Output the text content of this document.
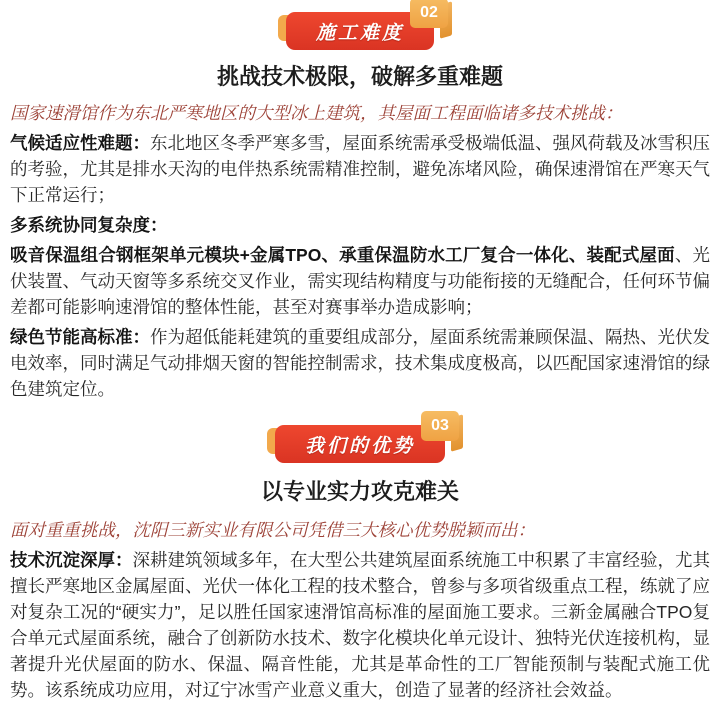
施工难度
02
挑战技术极限，破解多重难题

国家速滑馆作为东北严寒地区的大型冰上建筑，其屋面工程面临诸多技术挑战：

气候适应性难题：东北地区冬季严寒多雪，屋面系统需承受极端低温、强风荷载及冰雪积压的考验，尤其是排水天沟的电伴热系统需精准控制，避免冻堵风险，确保速滑馆在严寒天气下正常运行；

多系统协同复杂度：

吸音保温组合钢框架单元模块+金属TPO、承重保温防水工厂复合一体化、装配式屋面、光伏装置、气动天窗等多系统交叉作业，需实现结构精度与功能衔接的无缝配合，任何环节偏差都可能影响速滑馆的整体性能，甚至对赛事举办造成影响；

绿色节能高标准：作为超低能耗建筑的重要组成部分，屋面系统需兼顾保温、隔热、光伏发电效率，同时满足气动排烟天窗的智能控制需求，技术集成度极高，以匹配国家速滑馆的绿色建筑定位。

我们的优势
03
以专业实力攻克难关

面对重重挑战，沈阳三新实业有限公司凭借三大核心优势脱颖而出：

技术沉淀深厚：深耕建筑领域多年，在大型公共建筑屋面系统施工中积累了丰富经验，尤其擅长严寒地区金属屋面、光伏一体化工程的技术整合，曾参与多项省级重点工程，练就了应对复杂工况的“硬实力”，足以胜任国家速滑馆高标准的屋面施工要求。三新金属融合TPO复合单元式屋面系统，融合了创新防水技术、数字化模块化单元设计、独特光伏连接机构，显著提升光伏屋面的防水、保温、隔音性能，尤其是革命性的工厂智能预制与装配式施工优势。该系统成功应用，对辽宁冰雪产业意义重大，创造了显著的经济社会效益。
